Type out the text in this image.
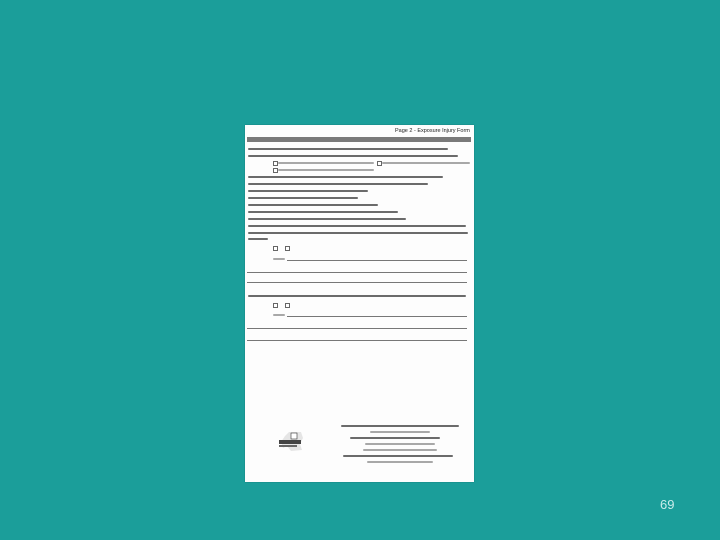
Page 2 - Exposure Injury Form
69
